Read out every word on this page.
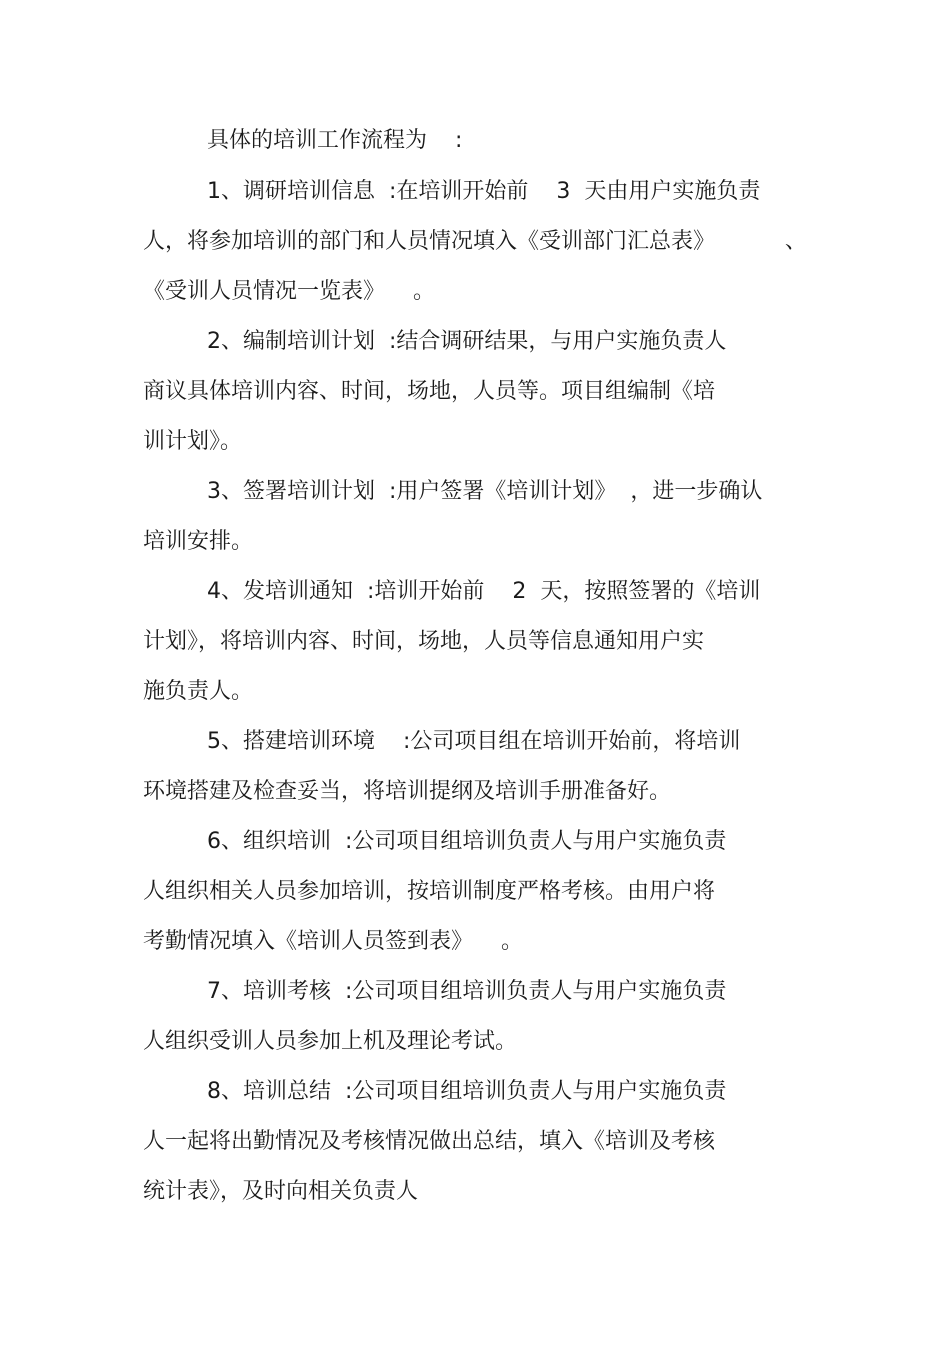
具体的培训工作流程为    :
1、调研培训信息  :在培训开始前    3  天由用户实施负责
人，将参加培训的部门和人员情况填入《受训部门汇总表》          、
《受训人员情况一览表》    。
2、编制培训计划  :结合调研结果，与用户实施负责人
商议具体培训内容、时间，场地，人员等。项目组编制《培
训计划》。
3、签署培训计划  :用户签署《培训计划》  ，进一步确认
培训安排。
4、发培训通知  :培训开始前    2  天，按照签署的《培训
计划》，将培训内容、时间，场地，人员等信息通知用户实
施负责人。
5、搭建培训环境    :公司项目组在培训开始前，将培训
环境搭建及检查妥当，将培训提纲及培训手册准备好。
6、组织培训  :公司项目组培训负责人与用户实施负责
人组织相关人员参加培训，按培训制度严格考核。由用户将
考勤情况填入《培训人员签到表》    。
7、培训考核  :公司项目组培训负责人与用户实施负责
人组织受训人员参加上机及理论考试。
8、培训总结  :公司项目组培训负责人与用户实施负责
人一起将出勤情况及考核情况做出总结，填入《培训及考核
统计表》，及时向相关负责人
